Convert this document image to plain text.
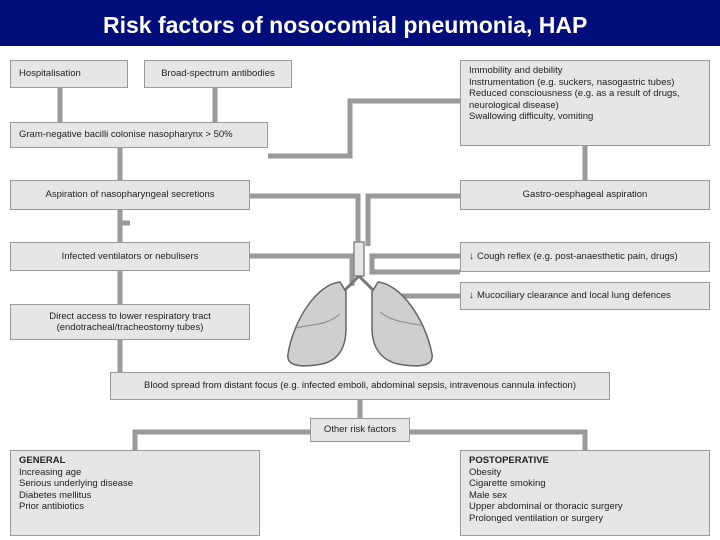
Risk factors of nosocomial pneumonia, HAP
Hospitalisation	Broad-spectrum antibodies
Gram-negative bacilli colonise nasopharynx > 50%
Aspiration of nasopharyngeal secretions
Infected ventilators or nebulisers
Direct access to lower respiratory tract
(endotracheal/tracheostomy tubes)
Immobility and debility
Instrumentation (e.g. suckers, nasogastric tubes)
Reduced consciousness (e.g. as a result of drugs,
neurological disease)
Swallowing difficulty, vomiting
Gastro-oesphageal aspiration
↓ Cough reflex (e.g. post-anaesthetic pain, drugs)
↓ Mucociliary clearance and local lung defences
Blood spread from distant focus (e.g. infected emboli, abdominal sepsis, intravenous cannula infection)
Other risk factors
GENERAL
Increasing age
Serious underlying disease
Diabetes mellitus
Prior antibiotics
POSTOPERATIVE
Obesity
Cigarette smoking
Male sex
Upper abdominal or thoracic surgery
Prolonged ventilation or surgery
